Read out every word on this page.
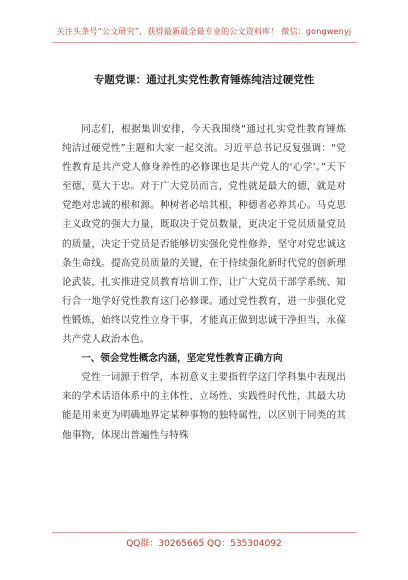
关注头条号“公文研究”，获得最新最全最专业的公文资料库！ 微信：gongwenyj
专题党课：通过扎实党性教育锤炼纯洁过硬党性

同志们，根据集训安排，今天我围绕“通过扎实党性教育锤炼纯洁过硬党性”主题和大家一起交流。习近平总书记反复强调：“党性教育是共产党人修身养性的必修课也是共产党人的‘心学’。”天下至德，莫大于忠。对于广大党员而言，党性就是最大的德，就是对党绝对忠诚的根和源。种树者必培其根，种德者必养其心。马克思主义政党的强大力量，既取决于党员数量，更决定于党员质量党员的质量，决定于党员是否能够切实强化党性修养，坚守对党忠诚这条生命线。提高党员质量的关键，在于持续强化新时代党的创新理论武装，扎实推进党员教育培训工作，让广大党员干部学系统、知行合一地学好党性教育这门必修课。通过党性教育，进一步强化党性锻炼，始终以党性立身干事，才能真正做到忠诚干净担当，永葆共产党人政治本色。

一、领会党性概念内涵，坚定党性教育正确方向

党性一词源于哲学，本初意义主要指哲学这门学科集中表现出来的学术话语体系中的主体性、立场性、实践性时代性，其最大功能是用来更为明确地界定某种事物的独特属性，以区别于同类的其他事物，体现出普遍性与特殊

QQ群：30265665 QQ：535304092
